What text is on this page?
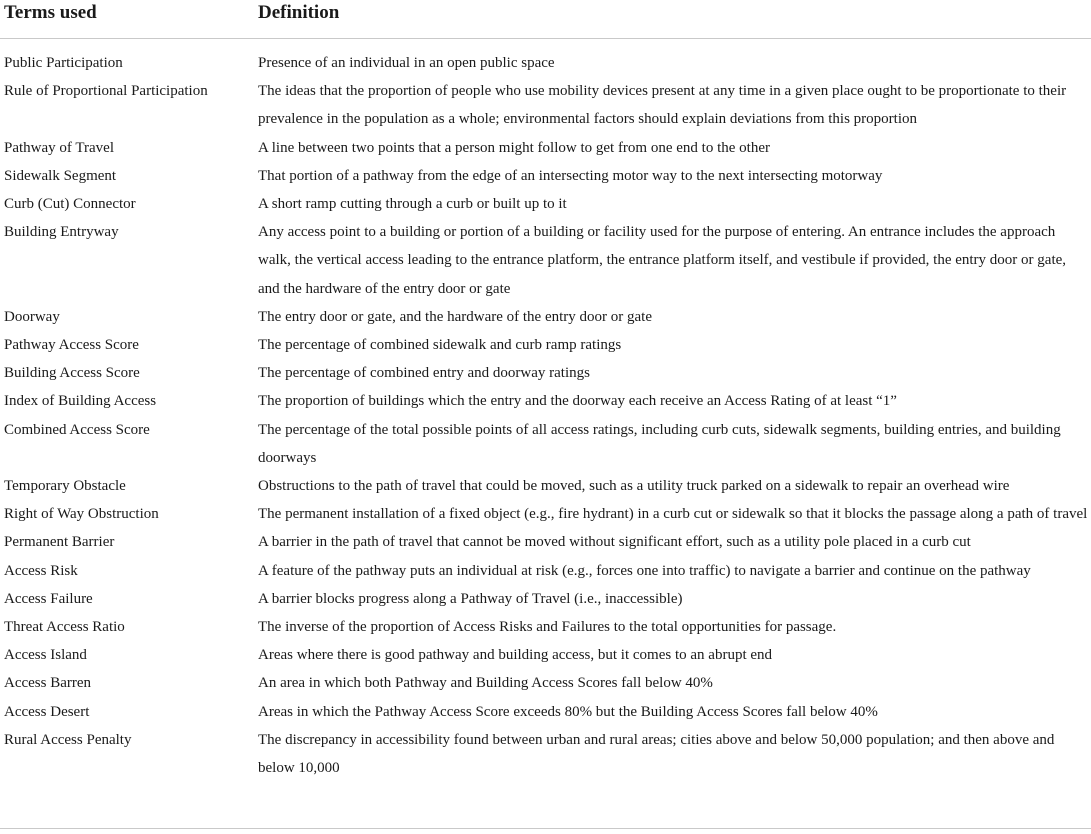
Terms used	Definition
Public Participation	Presence of an individual in an open public space
Rule of Proportional Participation	The ideas that the proportion of people who use mobility devices present at any time in a given place ought to be proportionate to their prevalence in the population as a whole; environmental factors should explain deviations from this proportion
Pathway of Travel	A line between two points that a person might follow to get from one end to the other
Sidewalk Segment	That portion of a pathway from the edge of an intersecting motor way to the next intersecting motorway
Curb (Cut) Connector	A short ramp cutting through a curb or built up to it
Building Entryway	Any access point to a building or portion of a building or facility used for the purpose of entering. An entrance includes the approach walk, the vertical access leading to the entrance platform, the entrance platform itself, and vestibule if provided, the entry door or gate, and the hardware of the entry door or gate
Doorway	The entry door or gate, and the hardware of the entry door or gate
Pathway Access Score	The percentage of combined sidewalk and curb ramp ratings
Building Access Score	The percentage of combined entry and doorway ratings
Index of Building Access	The proportion of buildings which the entry and the doorway each receive an Access Rating of at least “1”
Combined Access Score	The percentage of the total possible points of all access ratings, including curb cuts, sidewalk segments, building entries, and building doorways
Temporary Obstacle	Obstructions to the path of travel that could be moved, such as a utility truck parked on a sidewalk to repair an overhead wire
Right of Way Obstruction	The permanent installation of a fixed object (e.g., fire hydrant) in a curb cut or sidewalk so that it blocks the passage along a path of travel
Permanent Barrier	A barrier in the path of travel that cannot be moved without significant effort, such as a utility pole placed in a curb cut
Access Risk	A feature of the pathway puts an individual at risk (e.g., forces one into traffic) to navigate a barrier and continue on the pathway
Access Failure	A barrier blocks progress along a Pathway of Travel (i.e., inaccessible)
Threat Access Ratio	The inverse of the proportion of Access Risks and Failures to the total opportunities for passage.
Access Island	Areas where there is good pathway and building access, but it comes to an abrupt end
Access Barren	An area in which both Pathway and Building Access Scores fall below 40%
Access Desert	Areas in which the Pathway Access Score exceeds 80% but the Building Access Scores fall below 40%
Rural Access Penalty	The discrepancy in accessibility found between urban and rural areas; cities above and below 50,000 population; and then above and below 10,000
